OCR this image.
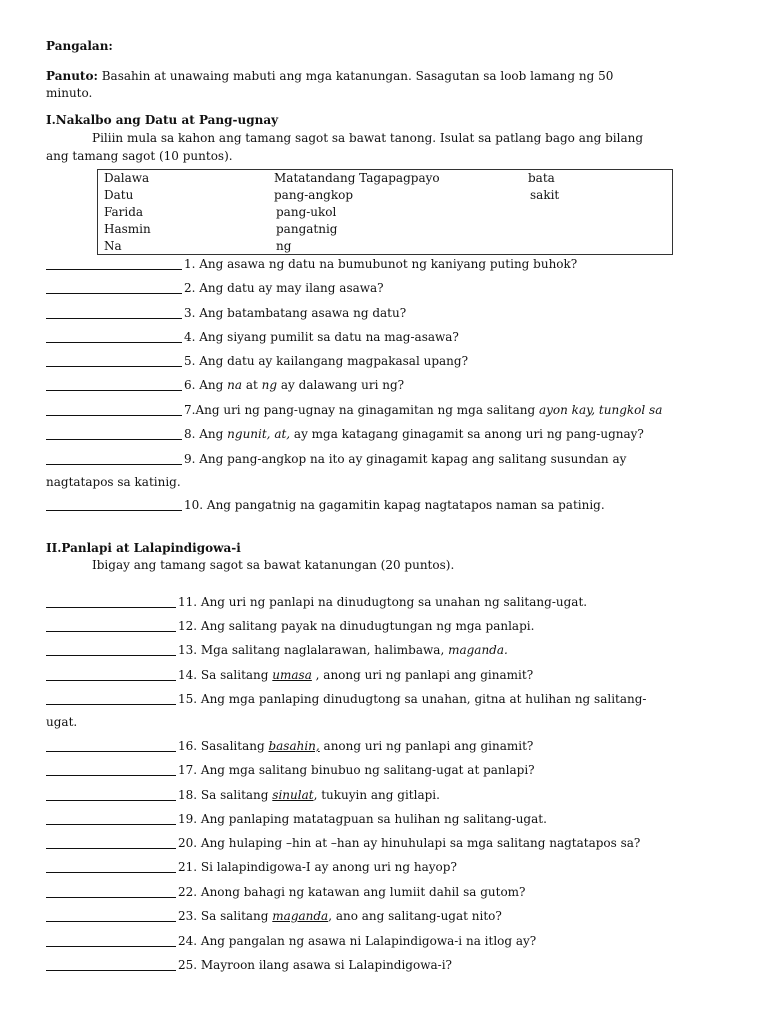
Pangalan:
Panuto: Basahin at unawaing mabuti ang mga katanungan. Sasagutan sa loob lamang ng 50
minuto.
I.Nakalbo ang Datu at Pang-ugnay
Piliin mula sa kahon ang tamang sagot sa bawat tanong. Isulat sa patlang bago ang bilang
ang tamang sagot (10 puntos).
Dalawa	Matatandang Tagapagpayo	bata
Datu	pang-angkop	sakit
Farida	pang-ukol
Hasmin	pangatnig
Na	ng
1. Ang asawa ng datu na bumubunot ng kaniyang puting buhok?
2. Ang datu ay may ilang asawa?
3. Ang batambatang asawa ng datu?
4. Ang siyang pumilit sa datu na mag-asawa?
5. Ang datu ay kailangang magpakasal upang?
6. Ang na at ng ay dalawang uri ng?
7.Ang uri ng pang-ugnay na ginagamitan ng mga salitang ayon kay, tungkol sa
8. Ang ngunit, at, ay mga katagang ginagamit sa anong uri ng pang-ugnay?
9. Ang pang-angkop na ito ay ginagamit kapag ang salitang susundan ay
nagtatapos sa katinig.
10. Ang pangatnig na gagamitin kapag nagtatapos naman sa patinig.
II.Panlapi at Lalapindigowa-i
Ibigay ang tamang sagot sa bawat katanungan (20 puntos).
11. Ang uri ng panlapi na dinudugtong sa unahan ng salitang-ugat.
12. Ang salitang payak na dinudugtungan ng mga panlapi.
13. Mga salitang naglalarawan, halimbawa, maganda.
14. Sa salitang umasa , anong uri ng panlapi ang ginamit?
15. Ang mga panlaping dinudugtong sa unahan, gitna at hulihan ng salitang-
ugat.
16. Sasalitang basahin, anong uri ng panlapi ang ginamit?
17. Ang mga salitang binubuo ng salitang-ugat at panlapi?
18. Sa salitang sinulat, tukuyin ang gitlapi.
19. Ang panlaping matatagpuan sa hulihan ng salitang-ugat.
20. Ang hulaping –hin at –han ay hinuhulapi sa mga salitang nagtatapos sa?
21. Si lalapindigowa-I ay anong uri ng hayop?
22. Anong bahagi ng katawan ang lumiit dahil sa gutom?
23. Sa salitang maganda, ano ang salitang-ugat nito?
24. Ang pangalan ng asawa ni Lalapindigowa-i na itlog ay?
25. Mayroon ilang asawa si Lalapindigowa-i?
